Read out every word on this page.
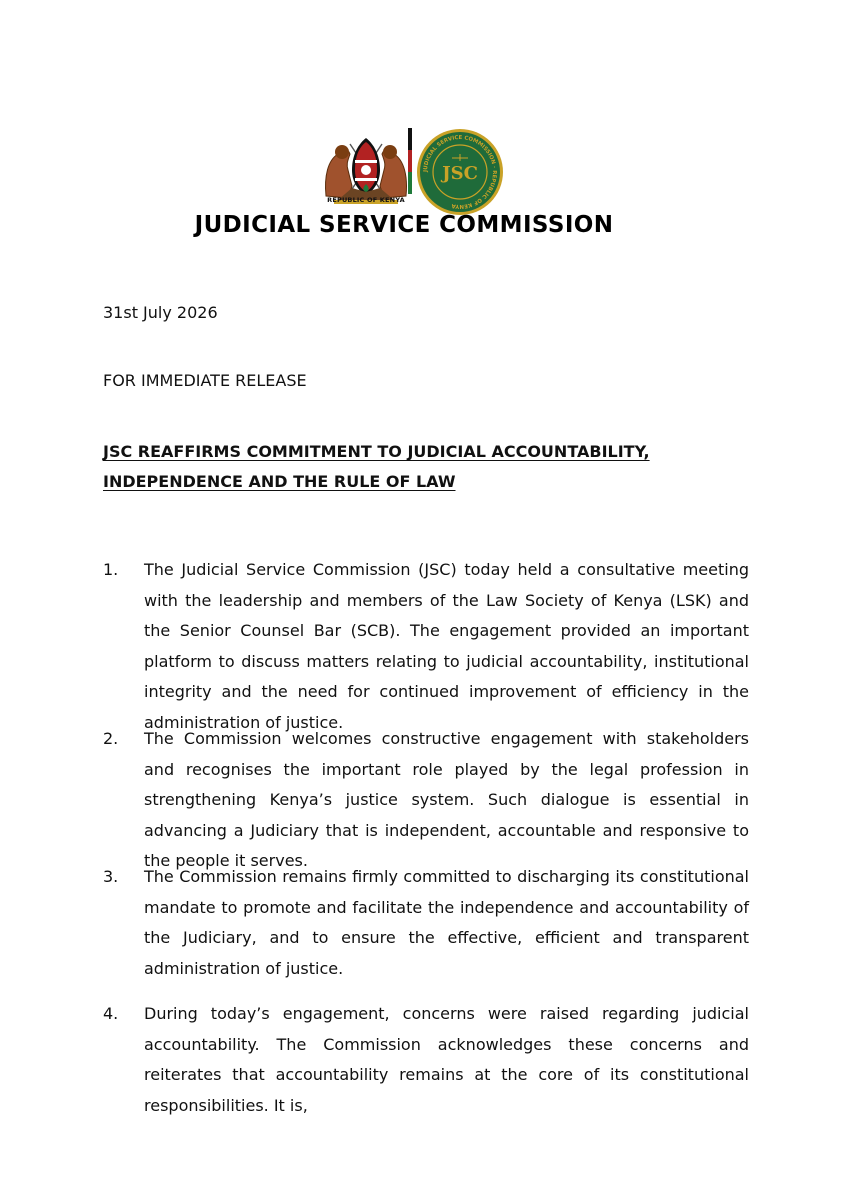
REPUBLIC OF KENYA
JUDICIAL SERVICE COMMISSION · REPUBLIC OF KENYA
JSC
JUDICIAL SERVICE COMMISSION
31st July 2026
FOR IMMEDIATE RELEASE
JSC REAFFIRMS COMMITMENT TO JUDICIAL ACCOUNTABILITY,
INDEPENDENCE AND THE RULE OF LAW
1. The Judicial Service Commission (JSC) today held a consultative meeting with the leadership and members of the Law Society of Kenya (LSK) and the Senior Counsel Bar (SCB). The engagement provided an important platform to discuss matters relating to judicial accountability, institutional integrity and the need for continued improvement of efficiency in the administration of justice.
2. The Commission welcomes constructive engagement with stakeholders and recognises the important role played by the legal profession in strengthening Kenya’s justice system. Such dialogue is essential in advancing a Judiciary that is independent, accountable and responsive to the people it serves.
3. The Commission remains firmly committed to discharging its constitutional mandate to promote and facilitate the independence and accountability of the Judiciary, and to ensure the effective, efficient and transparent administration of justice.
4. During today’s engagement, concerns were raised regarding judicial accountability. The Commission acknowledges these concerns and reiterates that accountability remains at the core of its constitutional responsibilities. It is,
